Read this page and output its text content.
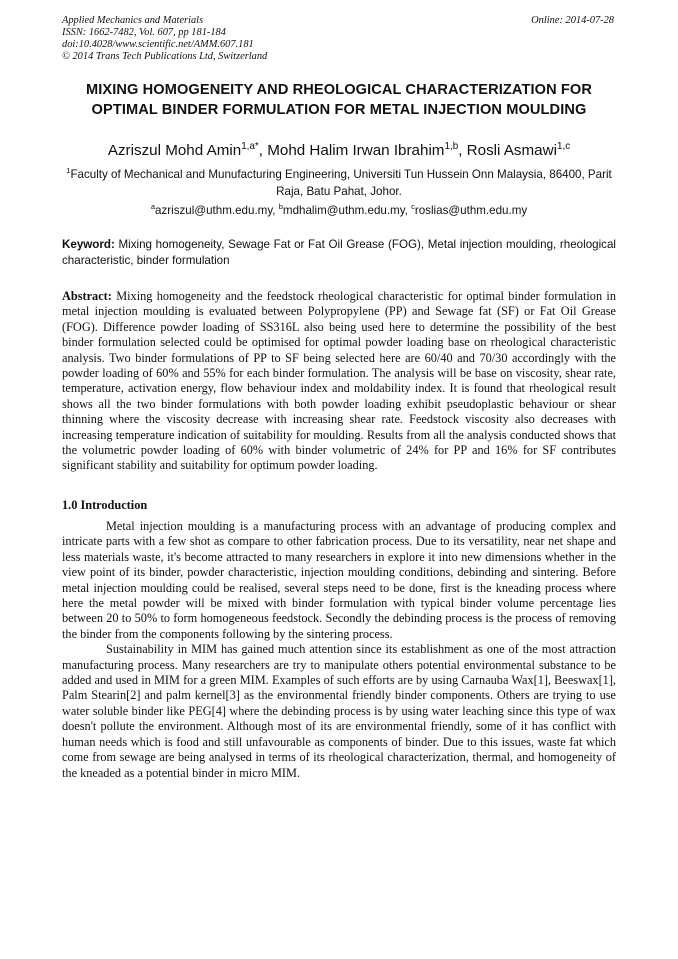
Applied Mechanics and Materials
ISSN: 1662-7482, Vol. 607, pp 181-184
doi:10.4028/www.scientific.net/AMM.607.181
© 2014 Trans Tech Publications Ltd, Switzerland
Online: 2014-07-28
MIXING HOMOGENEITY AND RHEOLOGICAL CHARACTERIZATION FOR OPTIMAL BINDER FORMULATION FOR METAL INJECTION MOULDING
Azriszul Mohd Amin$^{1,a*}$, Mohd Halim Irwan Ibrahim$^{1,b}$, Rosli Asmawi$^{1,c}$
$^1$Faculty of Mechanical and Munufacturing Engineering, Universiti Tun Hussein Onn Malaysia, 86400, Parit Raja, Batu Pahat, Johor.
$^a$azriszul@uthm.edu.my, $^b$mdhalim@uthm.edu.my, $^c$roslias@uthm.edu.my
Keyword: Mixing homogeneity, Sewage Fat or Fat Oil Grease (FOG), Metal injection moulding, rheological characteristic, binder formulation
Abstract: Mixing homogeneity and the feedstock rheological characteristic for optimal binder formulation in metal injection moulding is evaluated between Polypropylene (PP) and Sewage fat (SF) or Fat Oil Grease (FOG). Difference powder loading of SS316L also being used here to determine the possibility of the best binder formulation selected could be optimised for optimal powder loading base on rheological characteristic analysis. Two binder formulations of PP to SF being selected here are 60/40 and 70/30 accordingly with the powder loading of 60% and 55% for each binder formulation. The analysis will be base on viscosity, shear rate, temperature, activation energy, flow behaviour index and moldability index. It is found that rheological result shows all the two binder formulations with both powder loading exhibit pseudoplastic behaviour or shear thinning where the viscosity decrease with increasing shear rate. Feedstock viscosity also decreases with increasing temperature indication of suitability for moulding. Results from all the analysis conducted shows that the volumetric powder loading of 60% with binder volumetric of 24% for PP and 16% for SF contributes significant stability and suitability for optimum powder loading.
1.0 Introduction

Metal injection moulding is a manufacturing process with an advantage of producing complex and intricate parts with a few shot as compare to other fabrication process. Due to its versatility, near net shape and less materials waste, it's become attracted to many researchers in explore it into new dimensions whether in the view point of its binder, powder characteristic, injection moulding conditions, debinding and sintering. Before metal injection moulding could be realised, several steps need to be done, first is the kneading process where here the metal powder will be mixed with binder formulation with typical binder volume percentage lies between 20 to 50% to form homogeneous feedstock. Secondly the debinding process is the process of removing the binder from the components following by the sintering process.

Sustainability in MIM has gained much attention since its establishment as one of the most attraction manufacturing process. Many researchers are try to manipulate others potential environmental substance to be added and used in MIM for a green MIM. Examples of such efforts are by using Carnauba Wax[1], Beeswax[1], Palm Stearin[2] and palm kernel[3] as the environmental friendly binder components. Others are trying to use water soluble binder like PEG[4] where the debinding process is by using water leaching since this type of wax doesn't pollute the environment. Although most of its are environmental friendly, some of it has conflict with human needs which is food and still unfavourable as components of binder. Due to this issues, waste fat which come from sewage are being analysed in terms of its rheological characterization, thermal, and homogeneity of the kneaded as a potential binder in micro MIM.
